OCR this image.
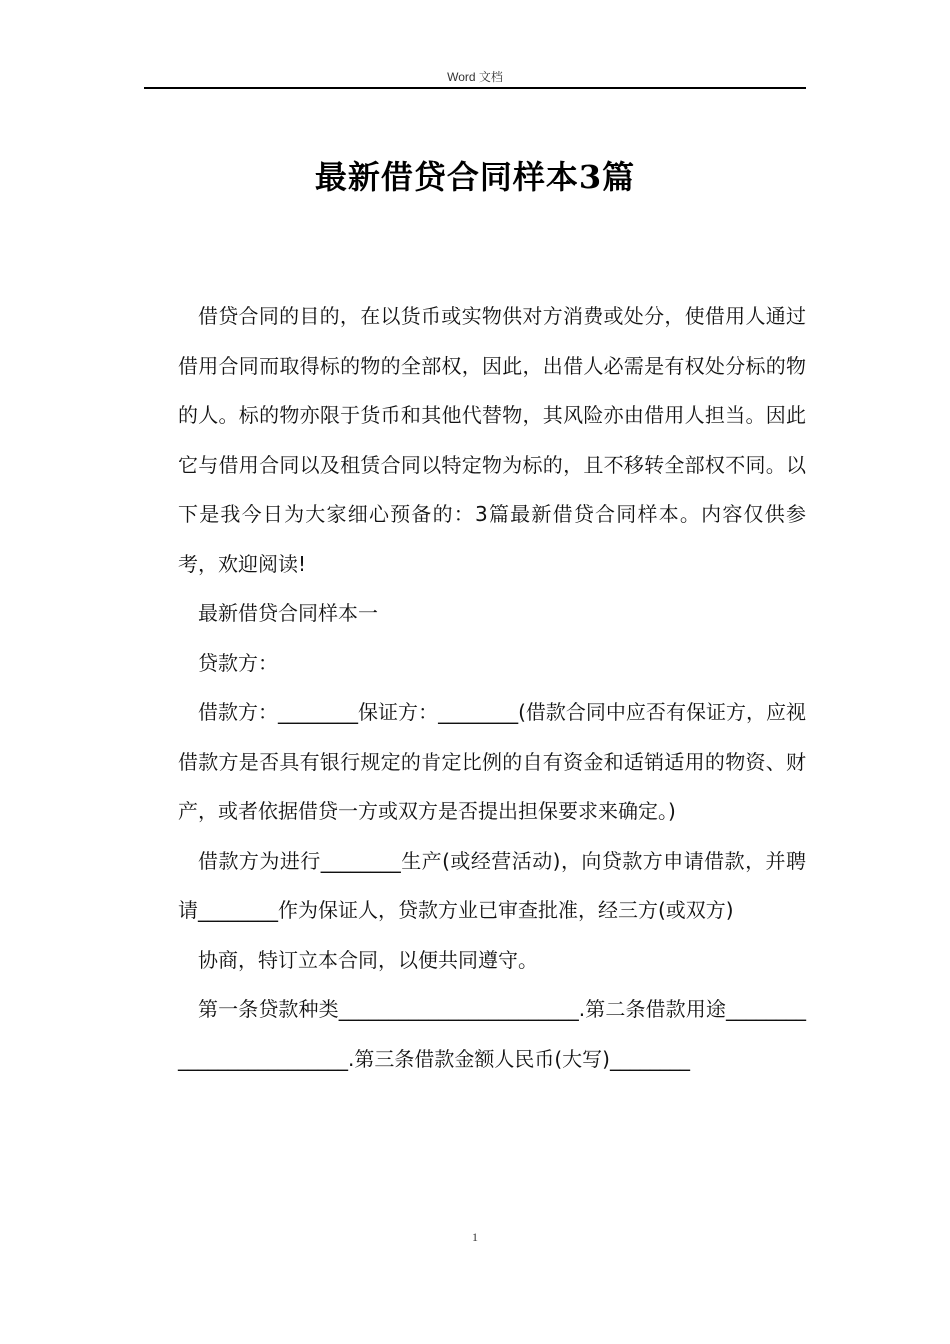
Word 文档
最新借贷合同样本3篇

借贷合同的目的，在以货币或实物供对方消费或处分，使借用人通过借用合同而取得标的物的全部权，因此，出借人必需是有权处分标的物的人。标的物亦限于货币和其他代替物，其风险亦由借用人担当。因此它与借用合同以及租赁合同以特定物为标的，且不移转全部权不同。以下是我今日为大家细心预备的：3篇最新借贷合同样本。内容仅供参考，欢迎阅读!

最新借贷合同样本一

贷款方：

借款方：________保证方：________(借款合同中应否有保证方，应视借款方是否具有银行规定的肯定比例的自有资金和适销适用的物资、财产，或者依据借贷一方或双方是否提出担保要求来确定。)

借款方为进行________生产(或经营活动)，向贷款方申请借款，并聘请________作为保证人，贷款方业已审查批准，经三方(或双方)

协商，特订立本合同，以便共同遵守。

第一条贷款种类________________________.第二条借款用途_________________________.第三条借款金额人民币(大写)________

1
